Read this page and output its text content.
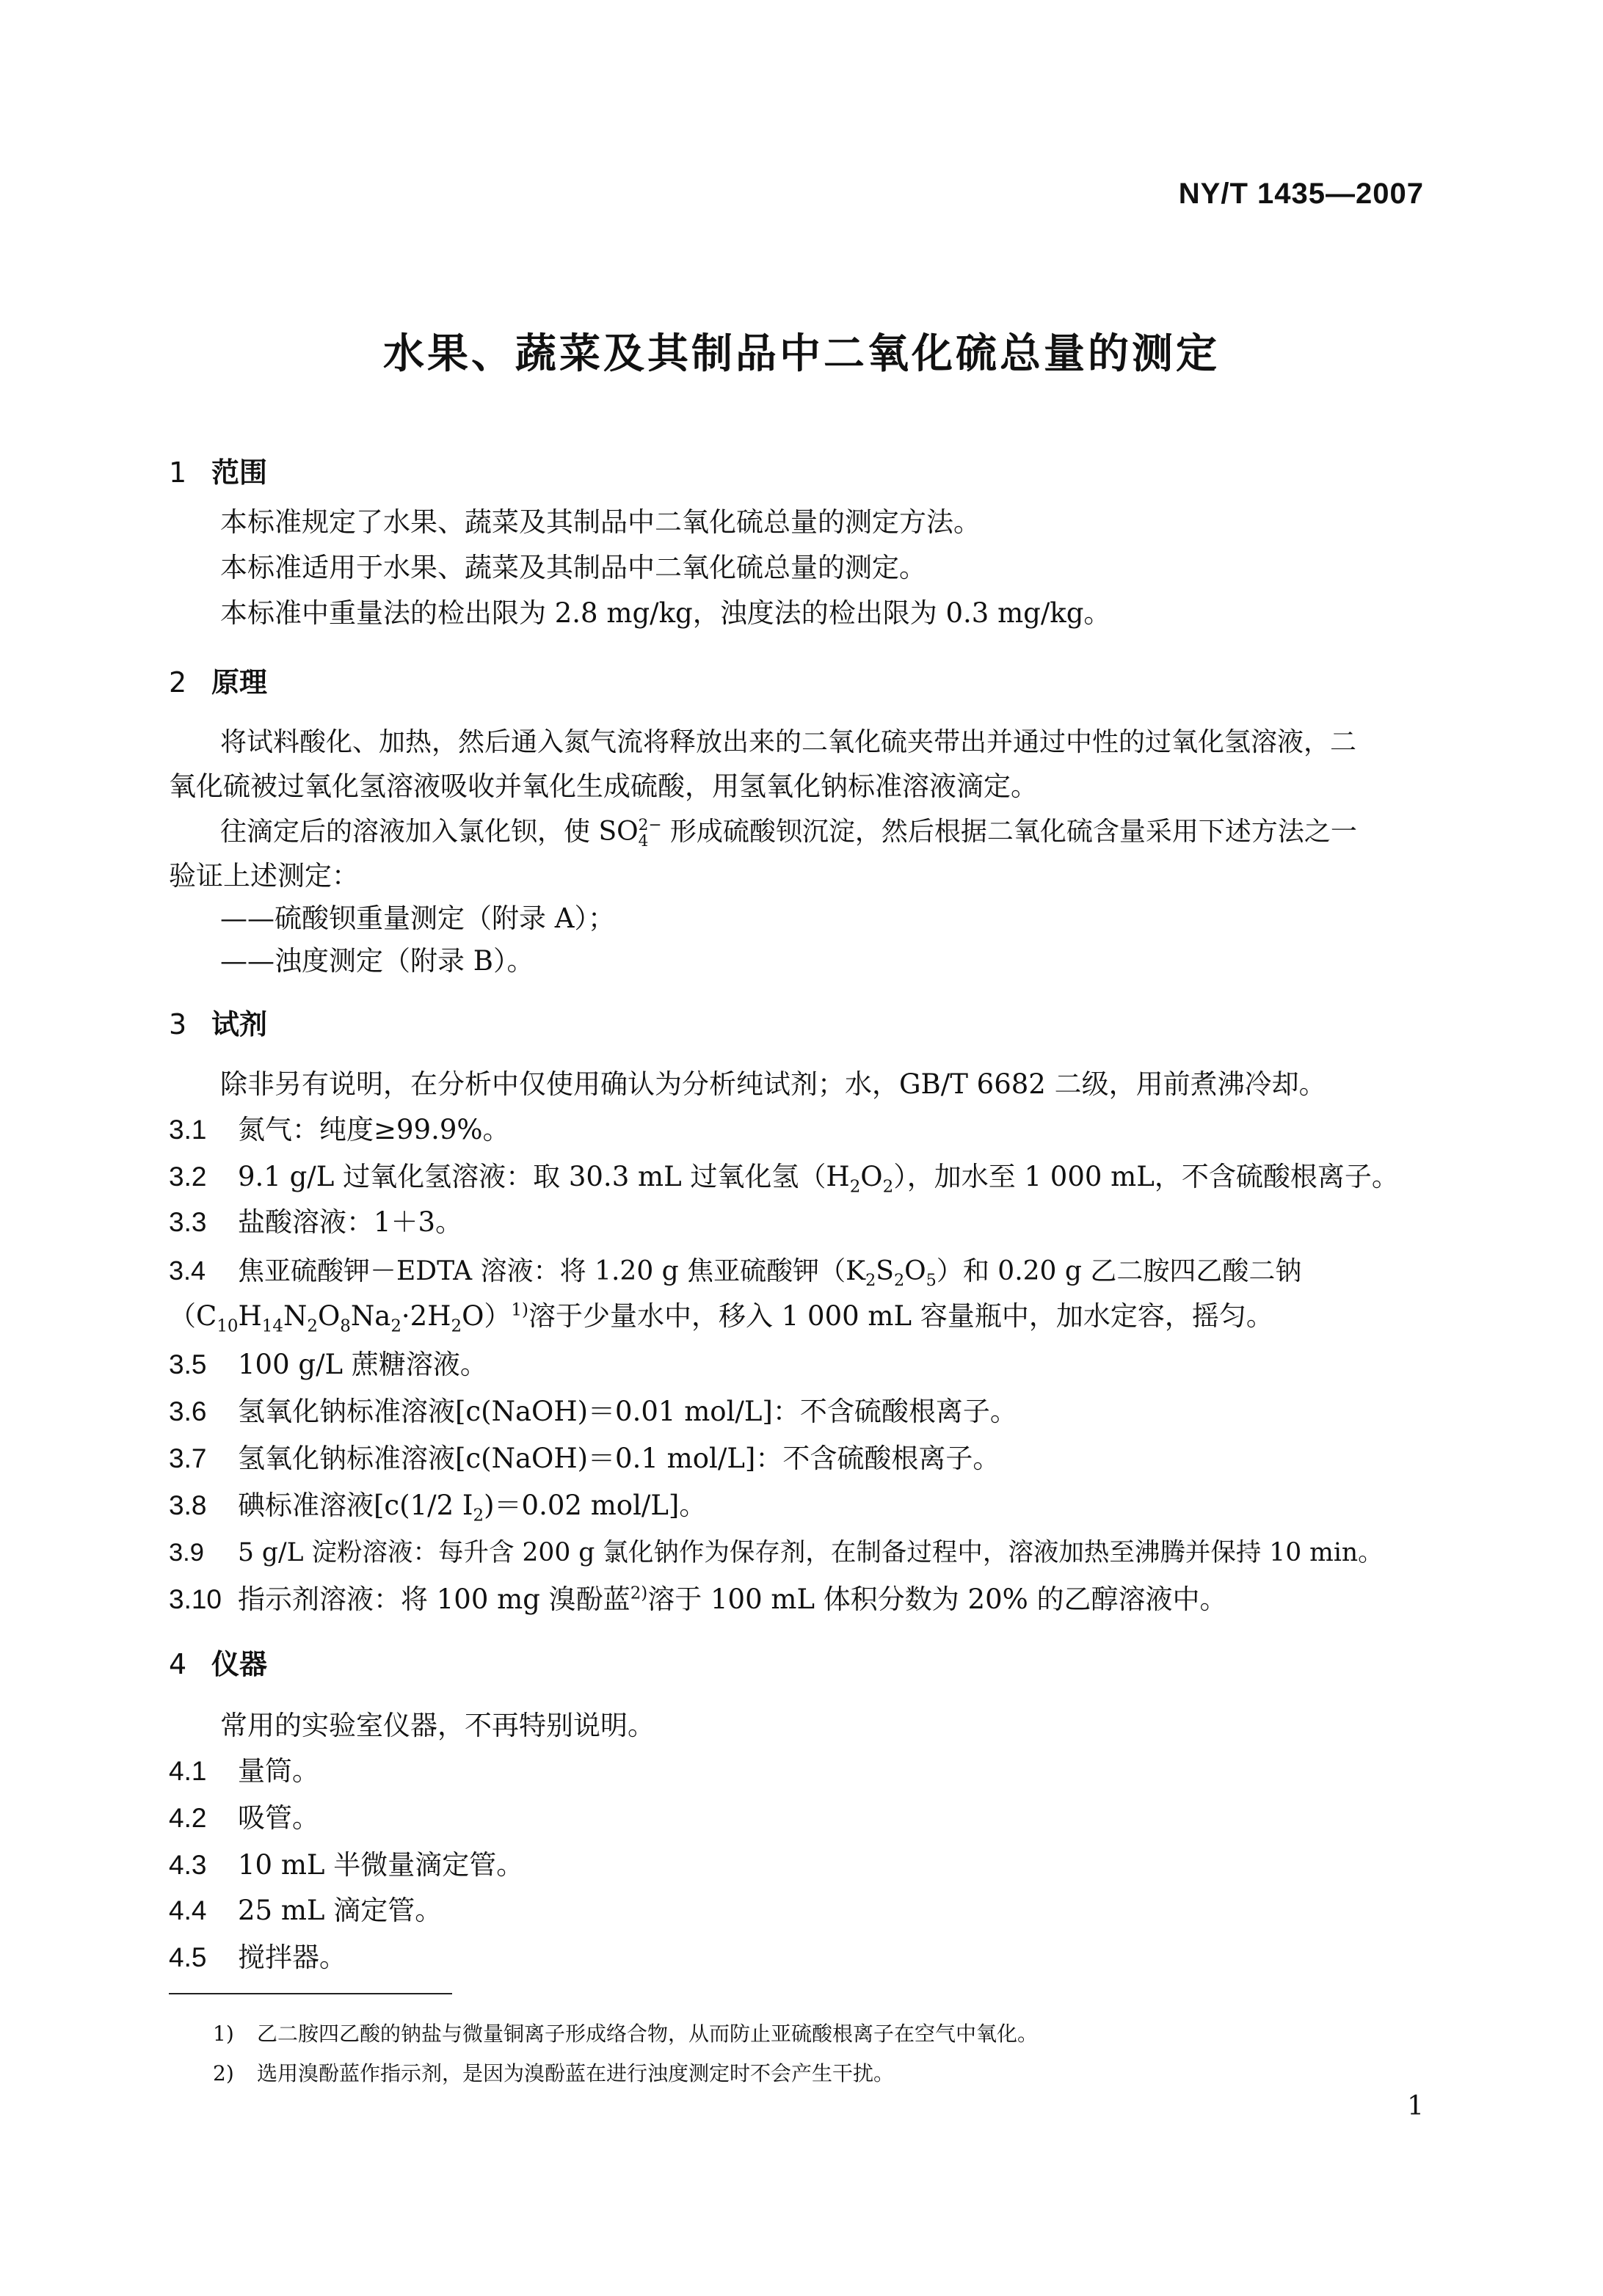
NY/T 1435—2007
水果、蔬菜及其制品中二氧化硫总量的测定
1 范围
本标准规定了水果、蔬菜及其制品中二氧化硫总量的测定方法。
本标准适用于水果、蔬菜及其制品中二氧化硫总量的测定。
本标准中重量法的检出限为 2.8 mg/kg，浊度法的检出限为 0.3 mg/kg。
2 原理
将试料酸化、加热，然后通入氮气流将释放出来的二氧化硫夹带出并通过中性的过氧化氢溶液，二
氧化硫被过氧化氢溶液吸收并氧化生成硫酸，用氢氧化钠标准溶液滴定。
往滴定后的溶液加入氯化钡，使 SO 2−
4 形成硫酸钡沉淀，然后根据二氧化硫含量采用下述方法之一
验证上述测定：
——硫酸钡重量测定（附录 A）；
——浊度测定（附录 B）。
3 试剂
除非另有说明，在分析中仅使用确认为分析纯试剂；水，GB/T 6682 二级，用前煮沸冷却。
3.1 氮气：纯度≥99.9%。
3.2 9.1 g/L 过氧化氢溶液：取 30.3 mL 过氧化氢$(H_2O_2)$，加水至 1 000 mL，不含硫酸根离子。
3.3 盐酸溶液：1＋3。
3.4 焦亚硫酸钾－EDTA 溶液：将 1.20 g 焦亚硫酸钾$(K_2S_2O_5)$和 0.20 g 乙二胺四乙酸二钠
$(C_{10}H_{14}N_2O_8Na_2\cdot 2H_2O)^{1)}$溶于少量水中，移入 1 000 mL 容量瓶中，加水定容，摇匀。
3.5 100 g/L 蔗糖溶液。
3.6 氢氧化钠标准溶液[c(NaOH)＝0.01 mol/L]：不含硫酸根离子。
3.7 氢氧化钠标准溶液[c(NaOH)＝0.1 mol/L]：不含硫酸根离子。
3.8 碘标准溶液[c(1/2 $I_2)=0.02$ mol/L]。
3.9 5 g/L 淀粉溶液：每升含 200 g 氯化钠作为保存剂，在制备过程中，溶液加热至沸腾并保持 10 min。
3.10 指示剂溶液：将 100 mg 溴酚蓝$^{2)}$溶于 100 mL 体积分数为 20% 的乙醇溶液中。
4 仪器
常用的实验室仪器，不再特别说明。
4.1 量筒。
4.2 吸管。
4.3 10 mL 半微量滴定管。
4.4 25 mL 滴定管。
4.5 搅拌器。
1) 乙二胺四乙酸的钠盐与微量铜离子形成络合物，从而防止亚硫酸根离子在空气中氧化。
2) 选用溴酚蓝作指示剂，是因为溴酚蓝在进行浊度测定时不会产生干扰。
1
